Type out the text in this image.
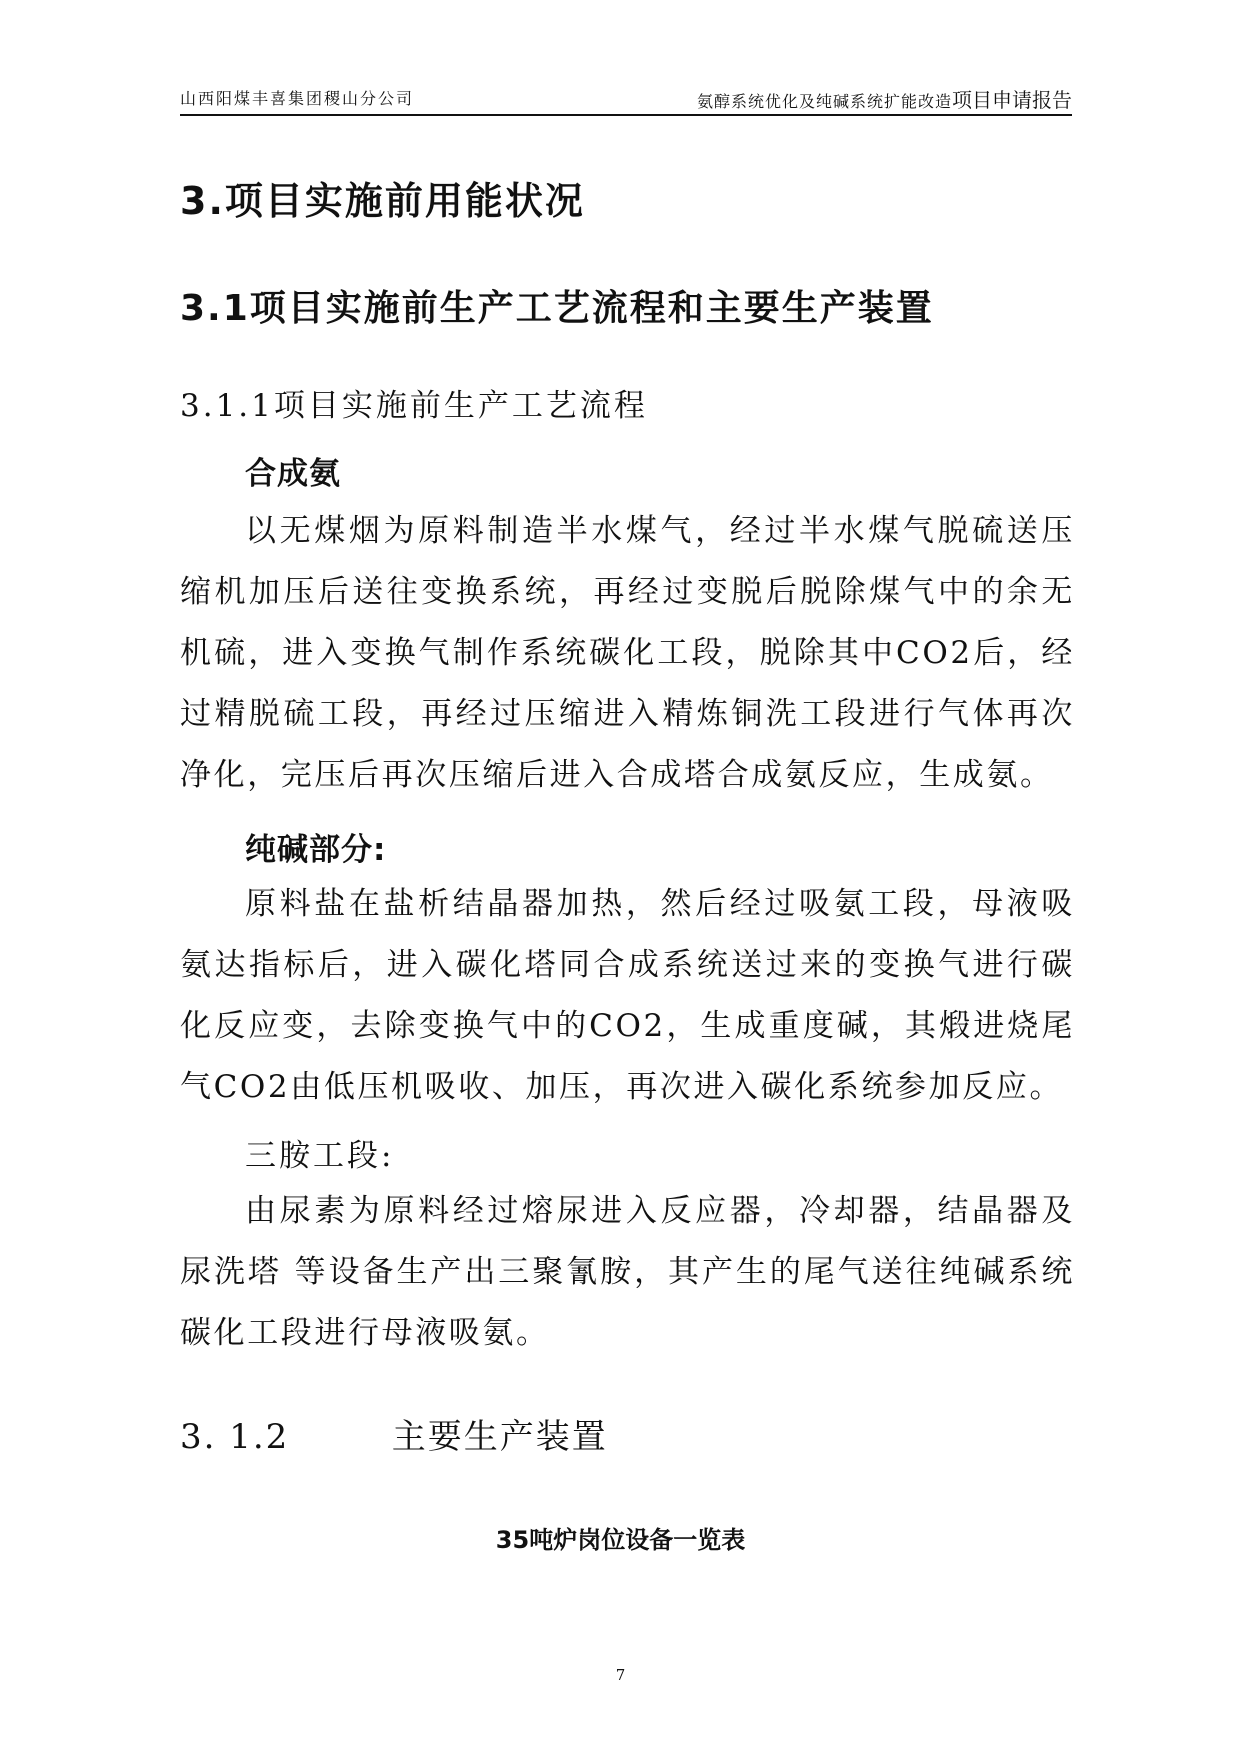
山西阳煤丰喜集团稷山分公司	氨醇系统优化及纯碱系统扩能改造项目申请报告
3.项目实施前用能状况
3.1项目实施前生产工艺流程和主要生产装置
3.1.1项目实施前生产工艺流程
合成氨
以无煤烟为原料制造半水煤气，经过半水煤气脱硫送压缩机加压后送往变换系统，再经过变脱后脱除煤气中的余无机硫，进入变换气制作系统碳化工段，脱除其中CO2后，经过精脱硫工段，再经过压缩进入精炼铜洗工段进行气体再次净化，完压后再次压缩后进入合成塔合成氨反应，生成氨。
纯碱部分:
原料盐在盐析结晶器加热，然后经过吸氨工段，母液吸氨达指标后，进入碳化塔同合成系统送过来的变换气进行碳化反应变，去除变换气中的CO2，生成重度碱，其煅进烧尾气CO2由低压机吸收、加压，再次进入碳化系统参加反应。
三胺工段:
由尿素为原料经过熔尿进入反应器，冷却器，结晶器及尿洗塔 等设备生产出三聚氰胺，其产生的尾气送往纯碱系统碳化工段进行母液吸氨。
3. 1.2	主要生产装置
35吨炉岗位设备一览表
7
